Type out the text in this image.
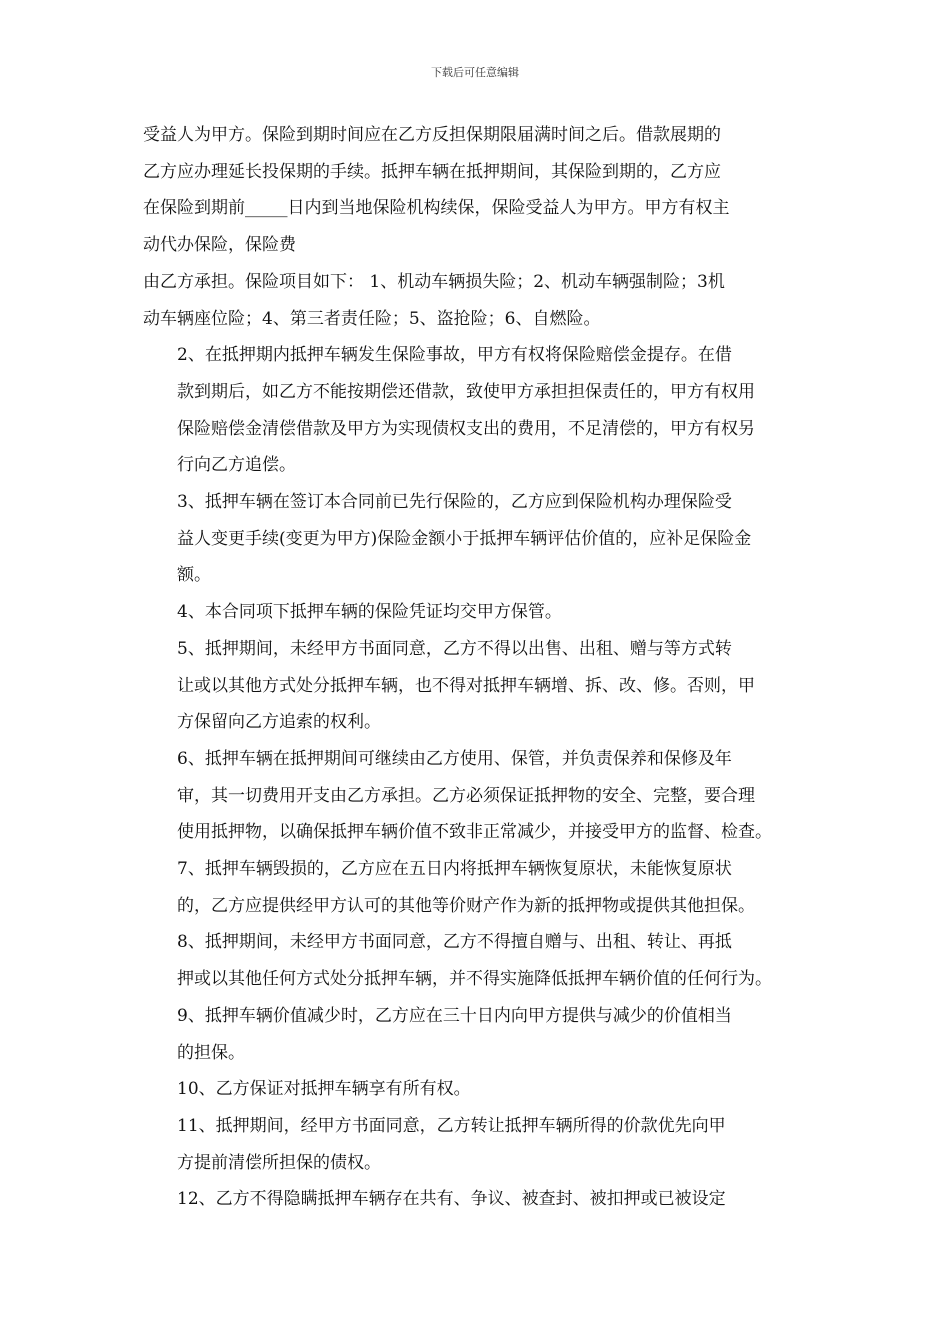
下载后可任意编辑
受益人为甲方。保险到期时间应在乙方反担保期限届满时间之后。借款展期的
乙方应办理延长投保期的手续。抵押车辆在抵押期间，其保险到期的，乙方应
在保险到期前_____日内到当地保险机构续保，保险受益人为甲方。甲方有权主
动代办保险，保险费
由乙方承担。保险项目如下： 1、机动车辆损失险；2、机动车辆强制险；3机
动车辆座位险；4、第三者责任险；5、盗抢险；6、自燃险。
2、在抵押期内抵押车辆发生保险事故，甲方有权将保险赔偿金提存。在借
款到期后，如乙方不能按期偿还借款，致使甲方承担担保责任的，甲方有权用
保险赔偿金清偿借款及甲方为实现债权支出的费用，不足清偿的，甲方有权另
行向乙方追偿。
3、抵押车辆在签订本合同前已先行保险的，乙方应到保险机构办理保险受
益人变更手续(变更为甲方)保险金额小于抵押车辆评估价值的，应补足保险金
额。
4、本合同项下抵押车辆的保险凭证均交甲方保管。
5、抵押期间，未经甲方书面同意，乙方不得以出售、出租、赠与等方式转
让或以其他方式处分抵押车辆，也不得对抵押车辆增、拆、改、修。否则，甲
方保留向乙方追索的权利。
6、抵押车辆在抵押期间可继续由乙方使用、保管，并负责保养和保修及年
审，其一切费用开支由乙方承担。乙方必须保证抵押物的安全、完整，要合理
使用抵押物，以确保抵押车辆价值不致非正常减少，并接受甲方的监督、检查。
7、抵押车辆毁损的，乙方应在五日内将抵押车辆恢复原状，未能恢复原状
的，乙方应提供经甲方认可的其他等价财产作为新的抵押物或提供其他担保。
8、抵押期间，未经甲方书面同意，乙方不得擅自赠与、出租、转让、再抵
押或以其他任何方式处分抵押车辆，并不得实施降低抵押车辆价值的任何行为。
9、抵押车辆价值减少时，乙方应在三十日内向甲方提供与减少的价值相当
的担保。
10、乙方保证对抵押车辆享有所有权。
11、抵押期间，经甲方书面同意，乙方转让抵押车辆所得的价款优先向甲
方提前清偿所担保的债权。
12、乙方不得隐瞒抵押车辆存在共有、争议、被查封、被扣押或已被设定
